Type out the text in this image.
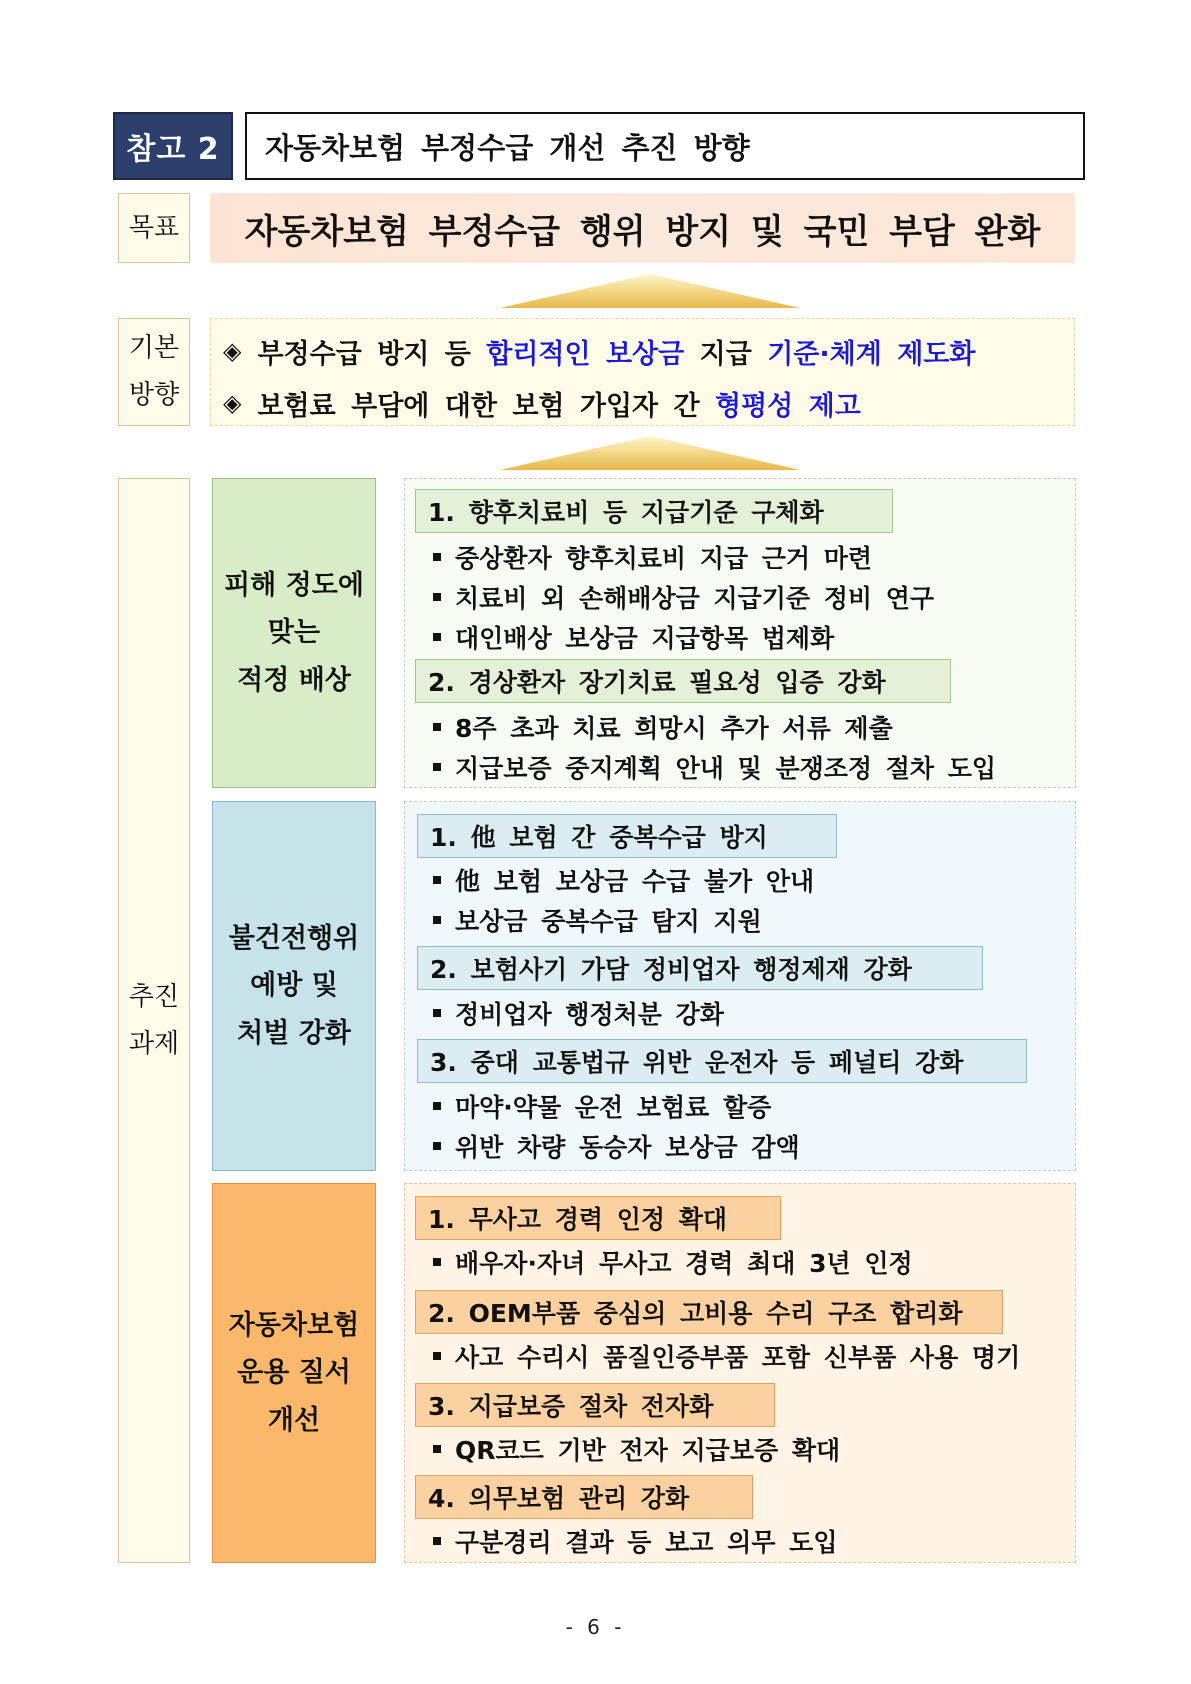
참고 2	자동차보험 부정수급 개선 추진 방향
목표 자동차보험 부정수급 행위 방지 및 국민 부담 완화
기본
방향
◈ 부정수급 방지 등 합리적인 보상금 지급 기준·체계 제도화
◈ 보험료 부담에 대한 보험 가입자 간 형평성 제고
추진
과제
피해 정도에
맞는
적정 배상
1. 향후치료비 등 지급기준 구체화
중상환자 향후치료비 지급 근거 마련
치료비 외 손해배상금 지급기준 정비 연구
대인배상 보상금 지급항목 법제화
2. 경상환자 장기치료 필요성 입증 강화
8주 초과 치료 희망시 추가 서류 제출
지급보증 중지계획 안내 및 분쟁조정 절차 도입
불건전행위
예방 및
처벌 강화
1. 他 보험 간 중복수급 방지
他 보험 보상금 수급 불가 안내
보상금 중복수급 탐지 지원
2. 보험사기 가담 정비업자 행정제재 강화
정비업자 행정처분 강화
3. 중대 교통법규 위반 운전자 등 페널티 강화
마약·약물 운전 보험료 할증
위반 차량 동승자 보상금 감액
자동차보험
운용 질서
개선
1. 무사고 경력 인정 확대
배우자·자녀 무사고 경력 최대 3년 인정
2. OEM부품 중심의 고비용 수리 구조 합리화
사고 수리시 품질인증부품 포함 신부품 사용 명기
3. 지급보증 절차 전자화
QR코드 기반 전자 지급보증 확대
4. 의무보험 관리 강화
구분경리 결과 등 보고 의무 도입
- 6 -
